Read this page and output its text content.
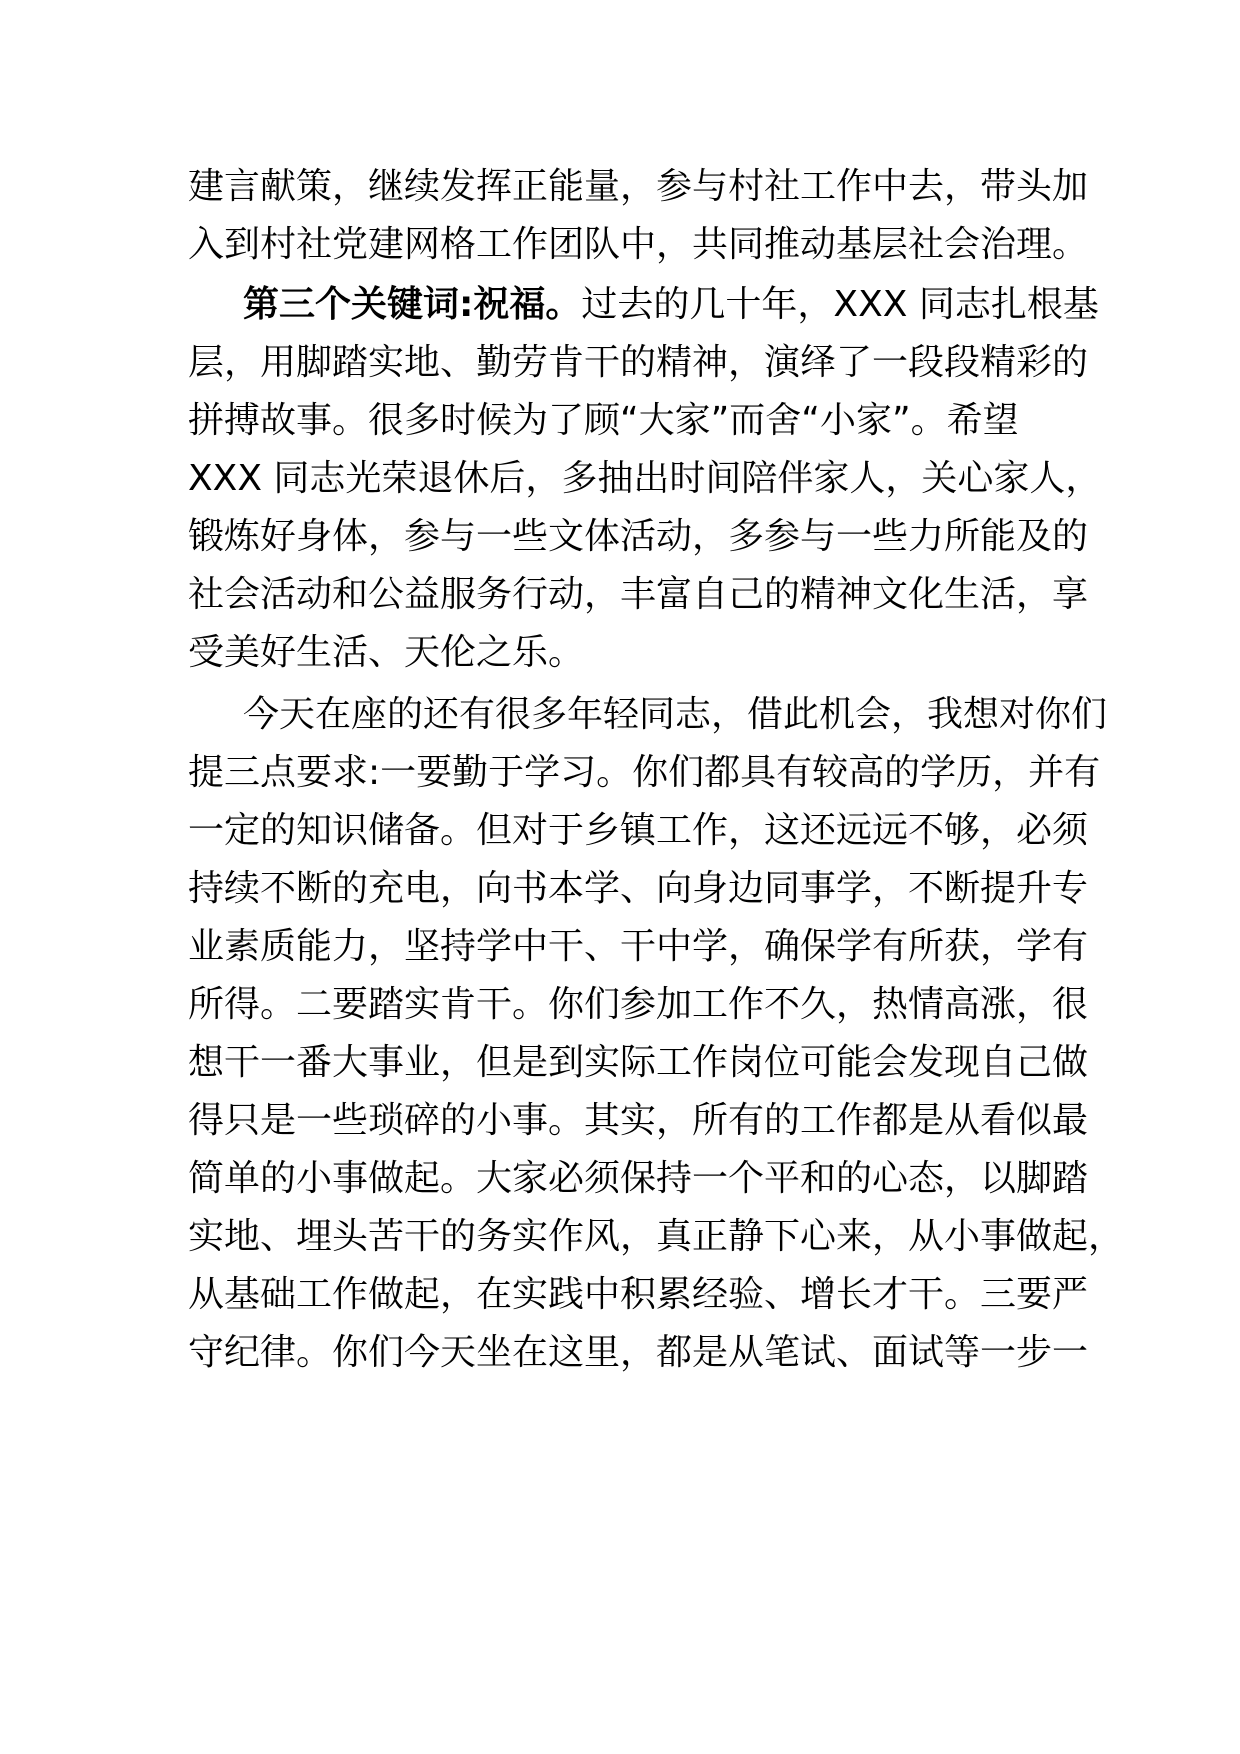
建言献策，继续发挥正能量，参与村社工作中去，带头加
入到村社党建网格工作团队中，共同推动基层社会治理。
第三个关键词:祝福。过去的几十年，XXX 同志扎根基
层，用脚踏实地、勤劳肯干的精神，演绎了一段段精彩的
拼搏故事。很多时候为了顾“大家”而舍“小家”。希望
XXX 同志光荣退休后，多抽出时间陪伴家人，关心家人，
锻炼好身体，参与一些文体活动，多参与一些力所能及的
社会活动和公益服务行动，丰富自己的精神文化生活，享
受美好生活、天伦之乐。
今天在座的还有很多年轻同志，借此机会，我想对你们
提三点要求:一要勤于学习。你们都具有较高的学历，并有
一定的知识储备。但对于乡镇工作，这还远远不够，必须
持续不断的充电，向书本学、向身边同事学，不断提升专
业素质能力，坚持学中干、干中学，确保学有所获，学有
所得。二要踏实肯干。你们参加工作不久，热情高涨，很
想干一番大事业，但是到实际工作岗位可能会发现自己做
得只是一些琐碎的小事。其实，所有的工作都是从看似最
简单的小事做起。大家必须保持一个平和的心态，以脚踏
实地、埋头苦干的务实作风，真正静下心来，从小事做起，
从基础工作做起，在实践中积累经验、增长才干。三要严
守纪律。你们今天坐在这里，都是从笔试、面试等一步一
